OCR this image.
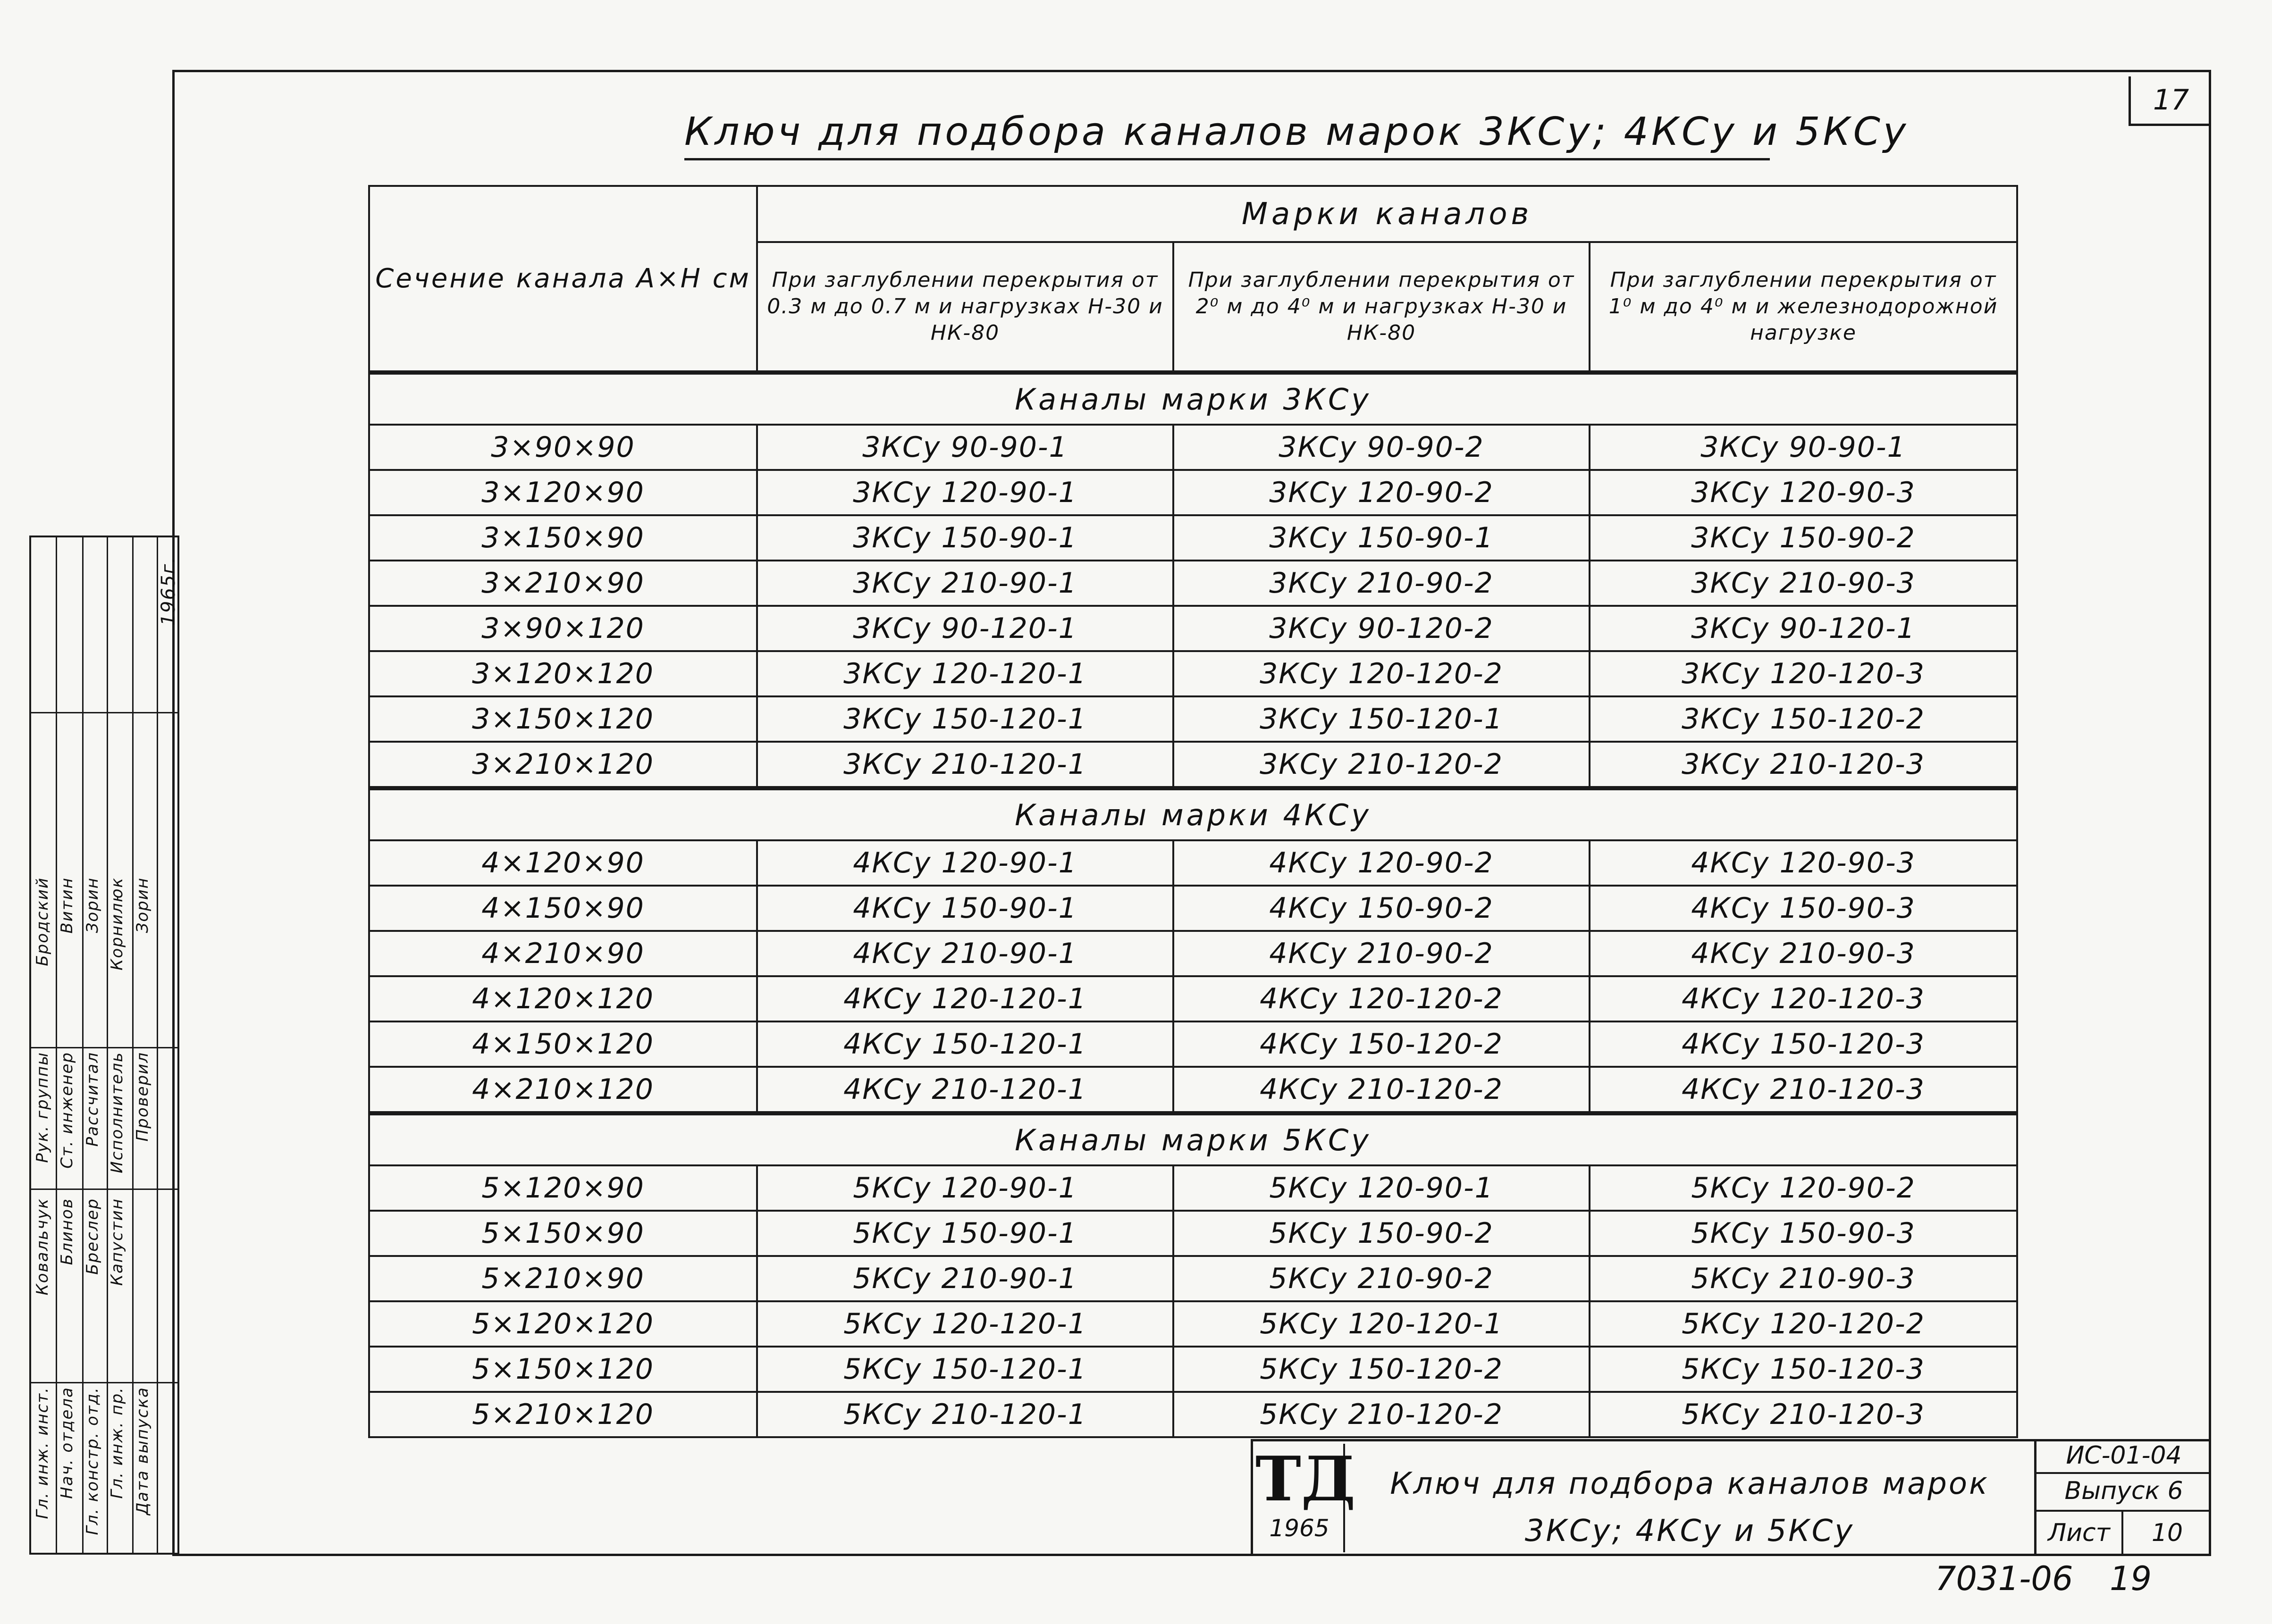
17
Ключ для подбора каналов марок 3КСу; 4КСу и 5КСу
Сечение канала А×Н см	Марки каналов		
	При заглублении перекрытия от 0.3 м до 0.7 м и нагрузках Н-30 и НК-80	При заглублении перекрытия от 2⁰ м до 4⁰ м и нагрузках Н-30 и НК-80	При заглублении перекрытия от 1⁰ м до 4⁰ м и железнодорожной нагрузке
Каналы марки 3КСу			
3×90×90	3КСу 90-90-1	3КСу 90-90-2	3КСу 90-90-1
3×120×90	3КСу 120-90-1	3КСу 120-90-2	3КСу 120-90-3
3×150×90	3КСу 150-90-1	3КСу 150-90-1	3КСу 150-90-2
3×210×90	3КСу 210-90-1	3КСу 210-90-2	3КСу 210-90-3
3×90×120	3КСу 90-120-1	3КСу 90-120-2	3КСу 90-120-1
3×120×120	3КСу 120-120-1	3КСу 120-120-2	3КСу 120-120-3
3×150×120	3КСу 150-120-1	3КСу 150-120-1	3КСу 150-120-2
3×210×120	3КСу 210-120-1	3КСу 210-120-2	3КСу 210-120-3
Каналы марки 4КСу			
4×120×90	4КСу 120-90-1	4КСу 120-90-2	4КСу 120-90-3
4×150×90	4КСу 150-90-1	4КСу 150-90-2	4КСу 150-90-3
4×210×90	4КСу 210-90-1	4КСу 210-90-2	4КСу 210-90-3
4×120×120	4КСу 120-120-1	4КСу 120-120-2	4КСу 120-120-3
4×150×120	4КСу 150-120-1	4КСу 150-120-2	4КСу 150-120-3
4×210×120	4КСу 210-120-1	4КСу 210-120-2	4КСу 210-120-3
Каналы марки 5КСу			
5×120×90	5КСу 120-90-1	5КСу 120-90-1	5КСу 120-90-2
5×150×90	5КСу 150-90-1	5КСу 150-90-2	5КСу 150-90-3
5×210×90	5КСу 210-90-1	5КСу 210-90-2	5КСу 210-90-3
5×120×120	5КСу 120-120-1	5КСу 120-120-1	5КСу 120-120-2
5×150×120	5КСу 150-120-1	5КСу 150-120-2	5КСу 150-120-3
5×210×120	5КСу 210-120-1	5КСу 210-120-2	5КСу 210-120-3
Гл. инж. инст. Нач. отдела Гл. констр. отд. Гл. инж. пр. Дата выпуска
Рук. группы Ст. инженер Рассчитал Исполнитель Проверил
Ковальчук Блинов Бреслер Капустин
Бродский Витин Зорин Корнилюк Зорин
1965г.
ТД
1965
Ключ для подбора каналов марок
3КСу; 4КСу и 5КСу
ИС-01-04
Выпуск 6
Лист	10
7031-06 19
